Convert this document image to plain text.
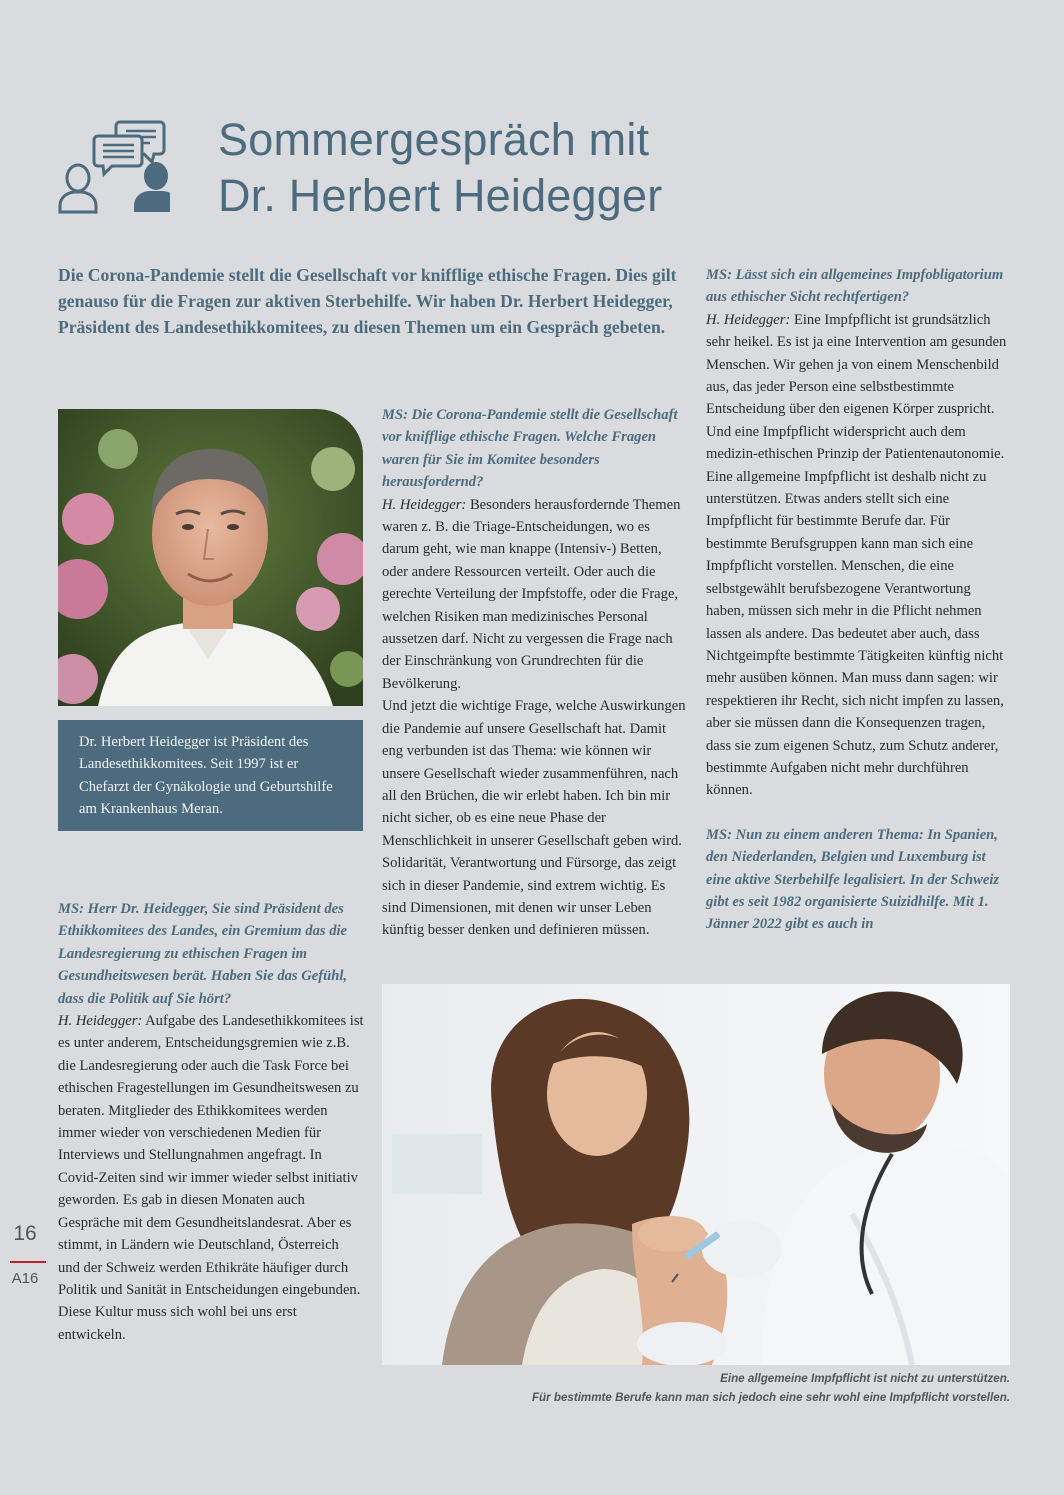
Sommergespräch mit
Dr. Herbert Heidegger
Die Corona-Pandemie stellt die Gesellschaft vor knifflige ethische Fragen. Dies gilt genauso für die Fragen zur aktiven Sterbehilfe. Wir haben Dr. Herbert Heidegger, Präsident des Landesethikkomitees, zu diesen Themen um ein Gespräch gebeten.
Dr. Herbert Heidegger ist Präsident des Landesethikkomitees. Seit 1997 ist er Chefarzt der Gynäkologie und Geburtshilfe am Krankenhaus Meran.

MS: Herr Dr. Heidegger, Sie sind Präsident des Ethikkomitees des Landes, ein Gremium das die Landesregierung zu ethischen Fragen im Gesundheitswesen berät. Haben Sie das Gefühl, dass die Politik auf Sie hört?

H. Heidegger: Aufgabe des Landesethikkomitees ist es unter anderem, Entscheidungsgremien wie z.B. die Landesregierung oder auch die Task Force bei ethischen Fragestellungen im Gesundheitswesen zu beraten. Mitglieder des Ethikkomitees werden immer wieder von verschiedenen Medien für Interviews und Stellungnahmen angefragt. In Covid-Zeiten sind wir immer wieder selbst initiativ geworden. Es gab in diesen Monaten auch Gespräche mit dem Gesundheitslandesrat. Aber es stimmt, in Ländern wie Deutschland, Österreich und der Schweiz werden Ethikräte häufiger durch Politik und Sanität in Entscheidungen eingebunden. Diese Kultur muss sich wohl bei uns erst entwickeln.

MS: Die Corona-Pandemie stellt die Gesellschaft vor knifflige ethische Fragen. Welche Fragen waren für Sie im Komitee besonders herausfordernd?

H. Heidegger: Besonders herausfordernde Themen waren z. B. die Triage-Entscheidungen, wo es darum geht, wie man knappe (Intensiv-) Betten, oder andere Ressourcen verteilt. Oder auch die gerechte Verteilung der Impfstoffe, oder die Frage, welchen Risiken man medizinisches Personal aussetzen darf. Nicht zu vergessen die Frage nach der Einschränkung von Grundrechten für die Bevölkerung.

Und jetzt die wichtige Frage, welche Auswirkungen die Pandemie auf unsere Gesellschaft hat. Damit eng verbunden ist das Thema: wie können wir unsere Gesellschaft wieder zusammenführen, nach all den Brüchen, die wir erlebt haben. Ich bin mir nicht sicher, ob es eine neue Phase der Menschlichkeit in unserer Gesellschaft geben wird. Solidarität, Verantwortung und Fürsorge, das zeigt sich in dieser Pandemie, sind extrem wichtig. Es sind Dimensionen, mit denen wir unser Leben künftig besser denken und definieren müssen.

MS: Lässt sich ein allgemeines Impfobligatorium aus ethischer Sicht rechtfertigen?

H. Heidegger: Eine Impfpflicht ist grundsätzlich sehr heikel. Es ist ja eine Intervention am gesunden Menschen. Wir gehen ja von einem Menschenbild aus, das jeder Person eine selbstbestimmte Entscheidung über den eigenen Körper zuspricht. Und eine Impfpflicht widerspricht auch dem medizin-ethischen Prinzip der Patientenautonomie. Eine allgemeine Impfpflicht ist deshalb nicht zu unterstützen. Etwas anders stellt sich eine Impfpflicht für bestimmte Berufe dar. Für bestimmte Berufsgruppen kann man sich eine Impfpflicht vorstellen. Menschen, die eine selbstgewählt berufsbezogene Verantwortung haben, müssen sich mehr in die Pflicht nehmen lassen als andere. Das bedeutet aber auch, dass Nichtgeimpfte bestimmte Tätigkeiten künftig nicht mehr ausüben können. Man muss dann sagen: wir respektieren ihr Recht, sich nicht impfen zu lassen, aber sie müssen dann die Konsequenzen tragen, dass sie zum eigenen Schutz, zum Schutz anderer, bestimmte Aufgaben nicht mehr durchführen können.

MS: Nun zu einem anderen Thema: In Spanien, den Niederlanden, Belgien und Luxemburg ist eine aktive Sterbehilfe legalisiert. In der Schweiz gibt es seit 1982 organisierte Suizidhilfe. Mit 1. Jänner 2022 gibt es auch in

Eine allgemeine Impfpflicht ist nicht zu unterstützen.
Für bestimmte Berufe kann man sich jedoch eine sehr wohl eine Impfpflicht vorstellen.
16
A16
